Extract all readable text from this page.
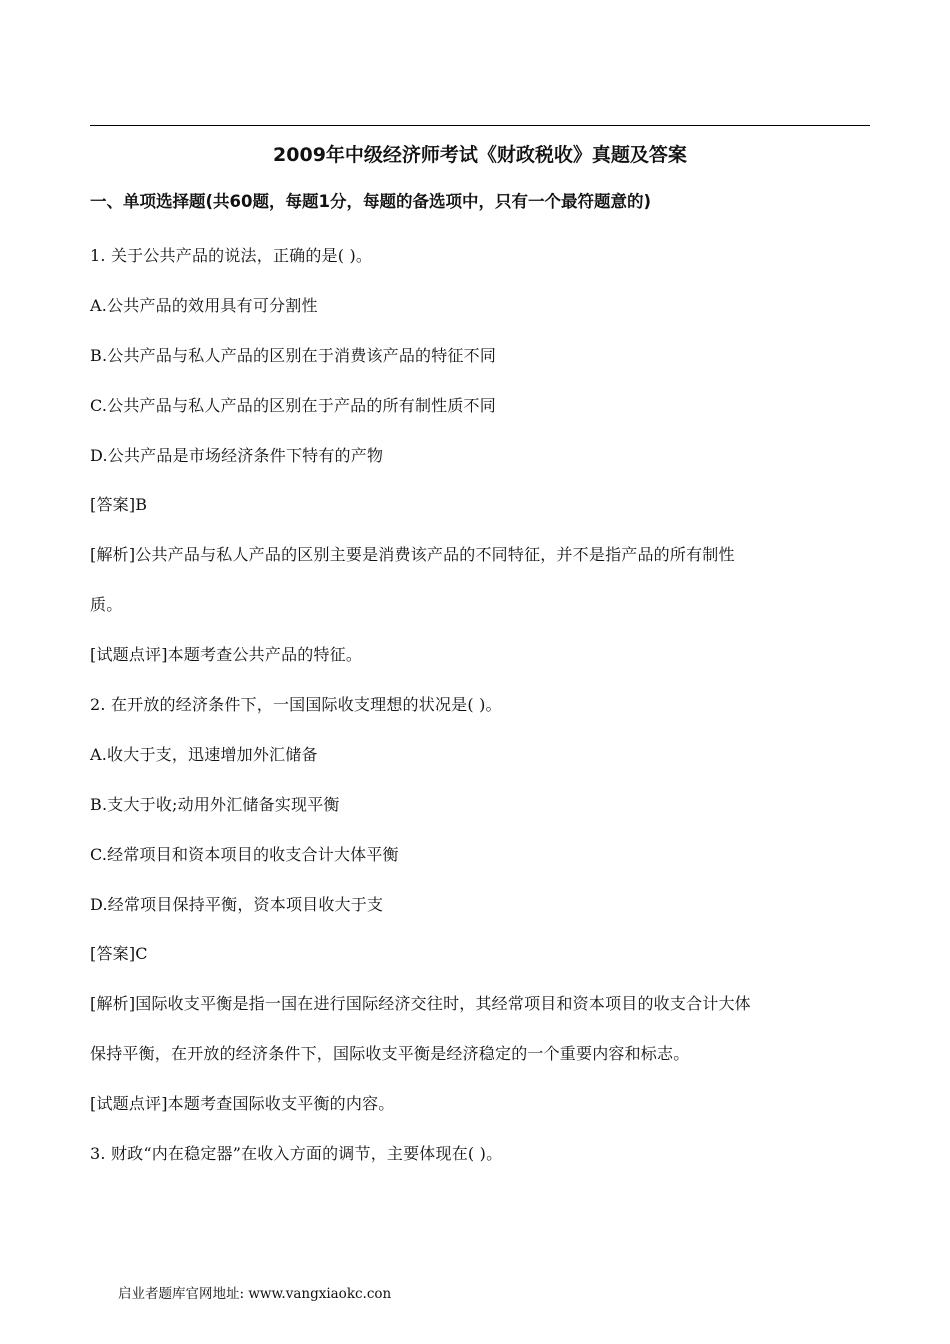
2009年中级经济师考试《财政税收》真题及答案
一、单项选择题(共60题，每题1分，每题的备选项中，只有一个最符题意的)
1. 关于公共产品的说法，正确的是( )。
A.公共产品的效用具有可分割性
B.公共产品与私人产品的区别在于消费该产品的特征不同
C.公共产品与私人产品的区别在于产品的所有制性质不同
D.公共产品是市场经济条件下特有的产物
[答案]B
[解析]公共产品与私人产品的区别主要是消费该产品的不同特征，并不是指产品的所有制性
质。
[试题点评]本题考查公共产品的特征。
2. 在开放的经济条件下，一国国际收支理想的状况是( )。
A.收大于支，迅速增加外汇储备
B.支大于收;动用外汇储备实现平衡
C.经常项目和资本项目的收支合计大体平衡
D.经常项目保持平衡，资本项目收大于支
[答案]C
[解析]国际收支平衡是指一国在进行国际经济交往时，其经常项目和资本项目的收支合计大体
保持平衡，在开放的经济条件下，国际收支平衡是经济稳定的一个重要内容和标志。
[试题点评]本题考查国际收支平衡的内容。
3. 财政“内在稳定器”在收入方面的调节，主要体现在( )。
启业者题库官网地址: www.vangxiaokc.con
